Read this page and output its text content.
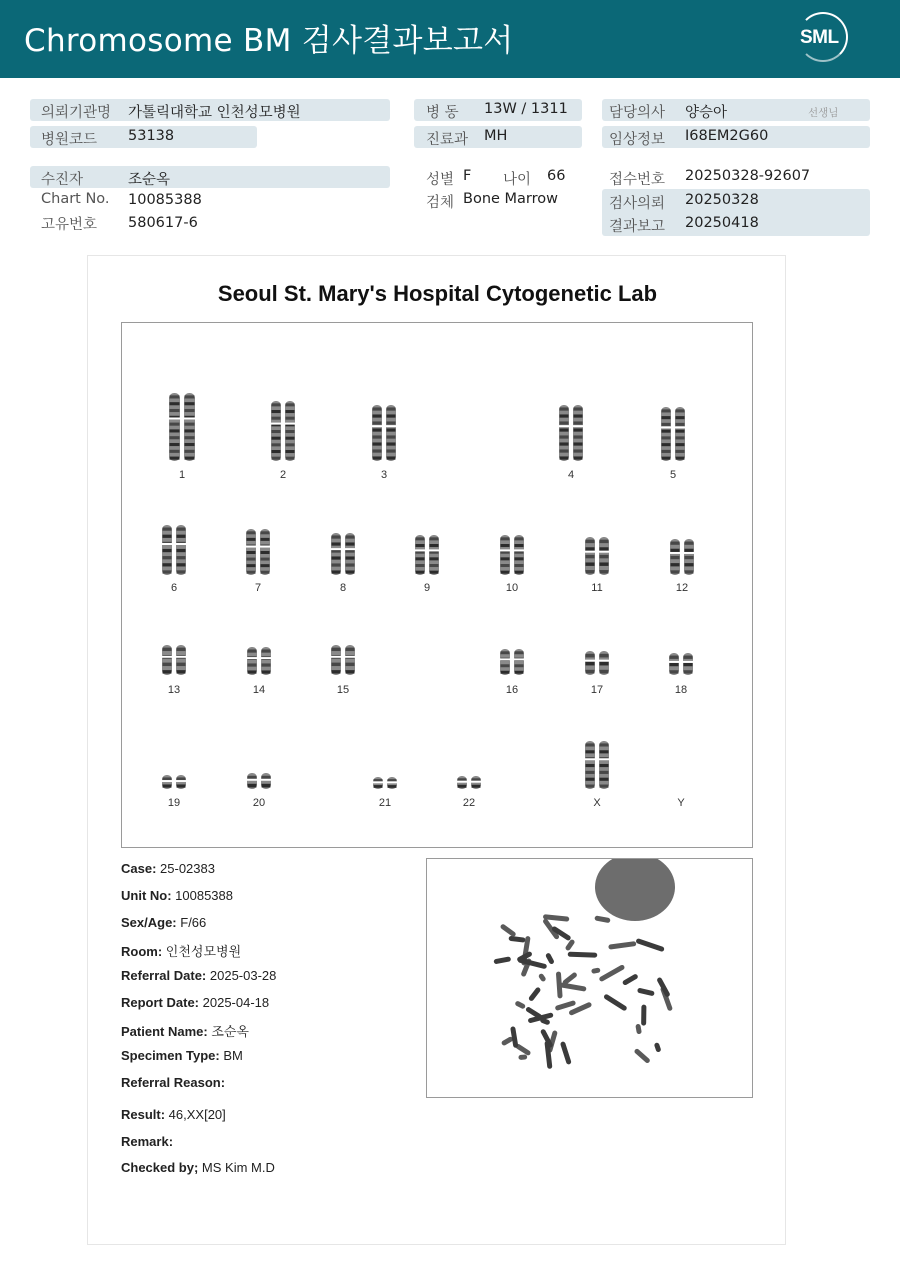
Chromosome BM 검사결과보고서	SML
의뢰기관명 가톨릭대학교 인천성모병원
병원코드 53138
수진자	조순옥
Chart No. 10085388
고유번호 580617-6
병 동 13W / 1311
진료과 MH
성별 F 나이 66
검체 Bone Marrow
담당의사 양승아	선생님
임상정보 I68EM2G60
접수번호 20250328-92607
검사의뢰 20250328
결과보고 20250418
Seoul St. Mary's Hospital Cytogenetic Lab
1	2	3	4	5
6	7	8	9	10	11	12
13	14	15	16	17	18
19	20	21	22	X	Y
Case: 25-02383
Unit No: 10085388
Sex/Age: F/66
Room: 인천성모병원
Referral Date: 2025-03-28
Report Date: 2025-04-18
Patient Name: 조순옥
Specimen Type: BM
Referral Reason:
Result: 46,XX[20]
Remark:
Checked by; MS Kim M.D
